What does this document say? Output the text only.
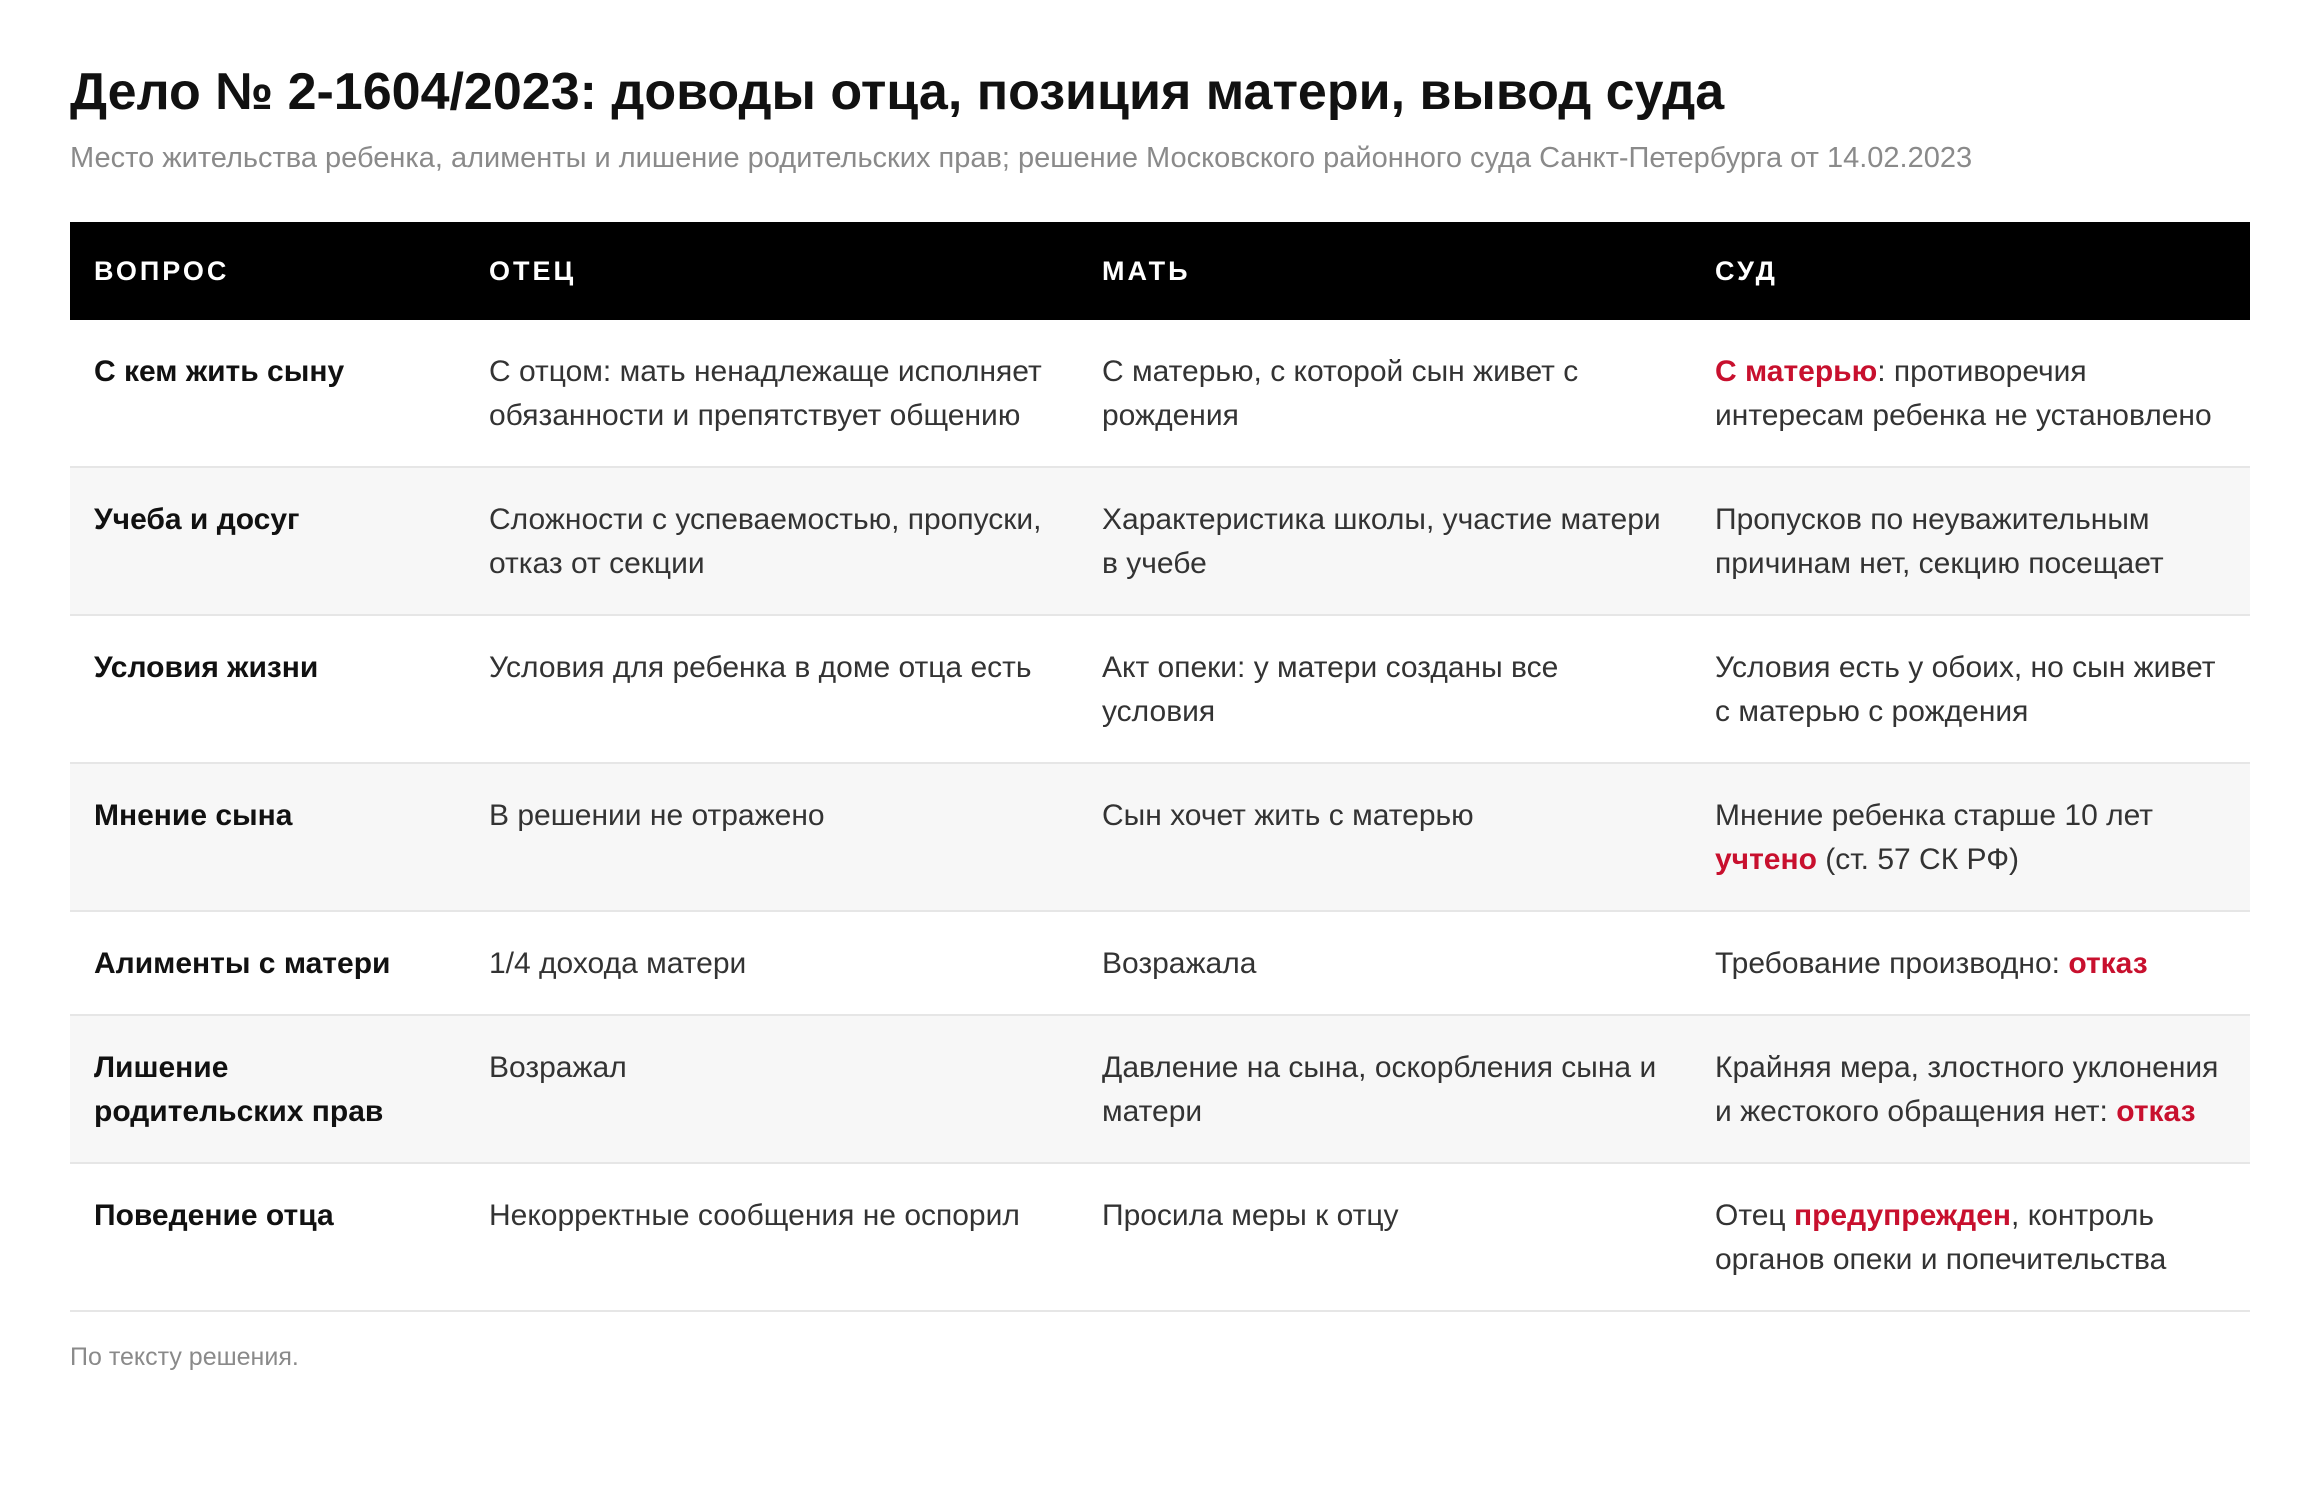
Дело № 2-1604/2023: доводы отца, позиция матери, вывод суда
Место жительства ребенка, алименты и лишение родительских прав; решение Московского районного суда Санкт-Петербурга от 14.02.2023
ВОПРОС	ОТЕЦ	МАТЬ	СУД
С кем жить сыну	С отцом: мать ненадлежаще исполняет обязанности и препятствует общению	С матерью, с которой сын живет с рождения	С матерью: противоречия интересам ребенка не установлено
Учеба и досуг	Сложности с успеваемостью, пропуски, отказ от секции	Характеристика школы, участие матери в учебе	Пропусков по неуважительным причинам нет, секцию посещает
Условия жизни	Условия для ребенка в доме отца есть	Акт опеки: у матери созданы все условия	Условия есть у обоих, но сын живет с матерью с рождения
Мнение сына	В решении не отражено	Сын хочет жить с матерью	Мнение ребенка старше 10 лет учтено (ст. 57 СК РФ)
Алименты с матери	1/4 дохода матери	Возражала	Требование производно: отказ
Лишение родительских прав	Возражал	Давление на сына, оскорбления сына и матери	Крайняя мера, злостного уклонения и жестокого обращения нет: отказ
Поведение отца	Некорректные сообщения не оспорил	Просила меры к отцу	Отец предупрежден, контроль органов опеки и попечительства
По тексту решения.
